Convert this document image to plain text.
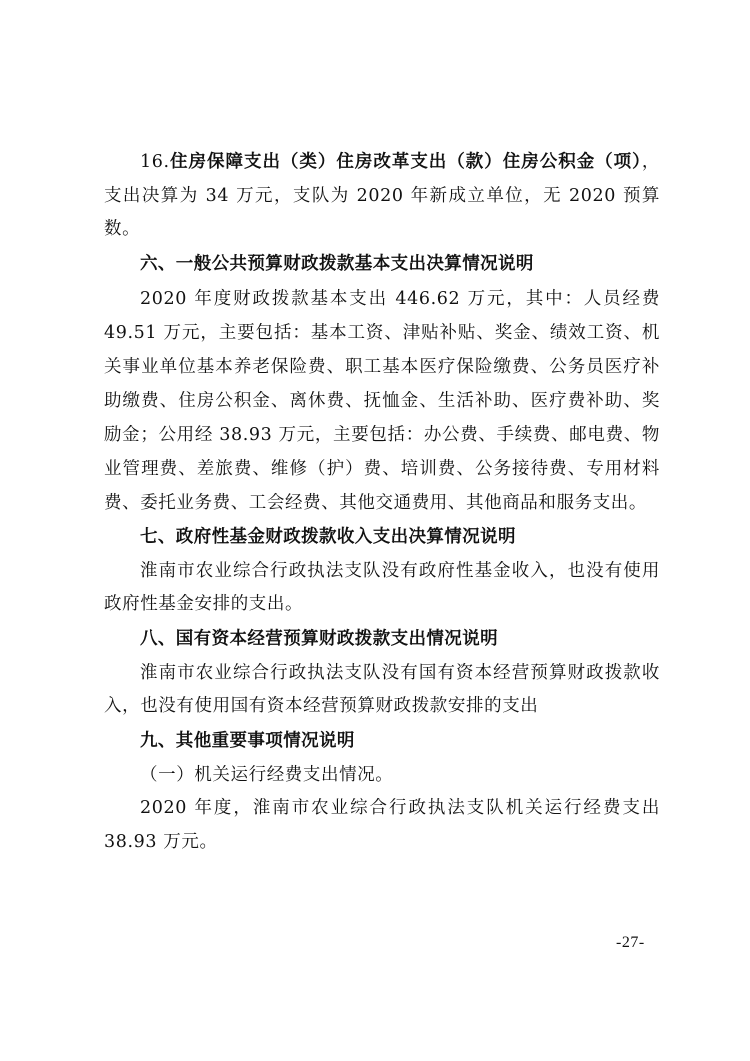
16.住房保障支出（类）住房改革支出（款）住房公积金（项），支出决算为 34 万元，支队为 2020 年新成立单位，无 2020 预算数。

六、一般公共预算财政拨款基本支出决算情况说明

2020 年度财政拨款基本支出 446.62 万元，其中：人员经费 49.51 万元，主要包括：基本工资、津贴补贴、奖金、绩效工资、机关事业单位基本养老保险费、职工基本医疗保险缴费、公务员医疗补助缴费、住房公积金、离休费、抚恤金、生活补助、医疗费补助、奖励金；公用经 38.93 万元，主要包括：办公费、手续费、邮电费、物业管理费、差旅费、维修（护）费、培训费、公务接待费、专用材料费、委托业务费、工会经费、其他交通费用、其他商品和服务支出。

七、政府性基金财政拨款收入支出决算情况说明

淮南市农业综合行政执法支队没有政府性基金收入，也没有使用政府性基金安排的支出。

八、国有资本经营预算财政拨款支出情况说明

淮南市农业综合行政执法支队没有国有资本经营预算财政拨款收入，也没有使用国有资本经营预算财政拨款安排的支出

九、其他重要事项情况说明

（一）机关运行经费支出情况。

2020 年度，淮南市农业综合行政执法支队机关运行经费支出 38.93 万元。

-27-
